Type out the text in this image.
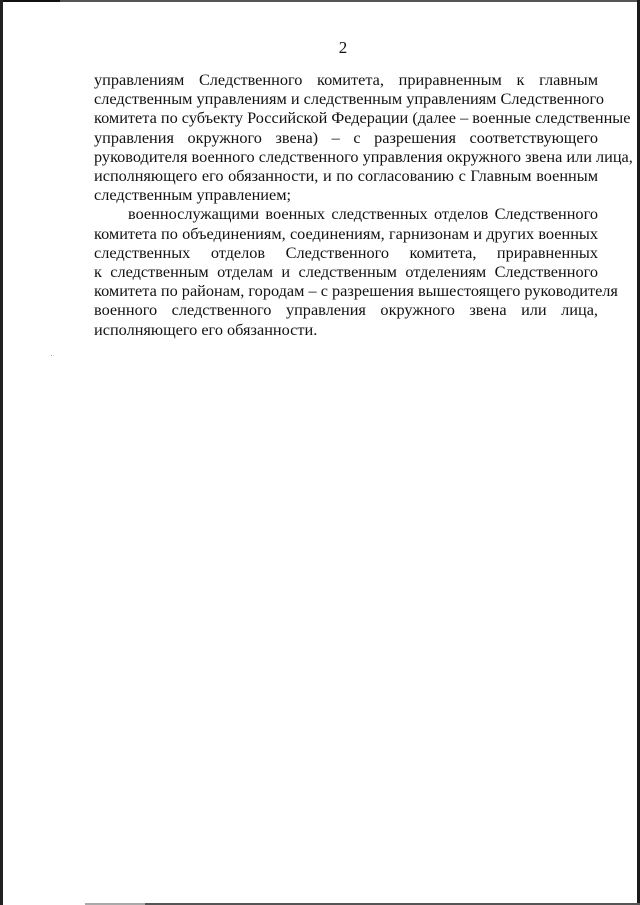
2

управлениям Следственного комитета, приравненным к главным
следственным управлениям и следственным управлениям Следственного
комитета по субъекту Российской Федерации (далее – военные следственные
управления окружного звена) – с разрешения соответствующего
руководителя военного следственного управления окружного звена или лица,
исполняющего его обязанности, и по согласованию с Главным военным
следственным управлением;

военнослужащими военных следственных отделов Следственного
комитета по объединениям, соединениям, гарнизонам и других военных
следственных отделов Следственного комитета, приравненных
к следственным отделам и следственным отделениям Следственного
комитета по районам, городам – с разрешения вышестоящего руководителя
военного следственного управления окружного звена или лица,
исполняющего его обязанности.
